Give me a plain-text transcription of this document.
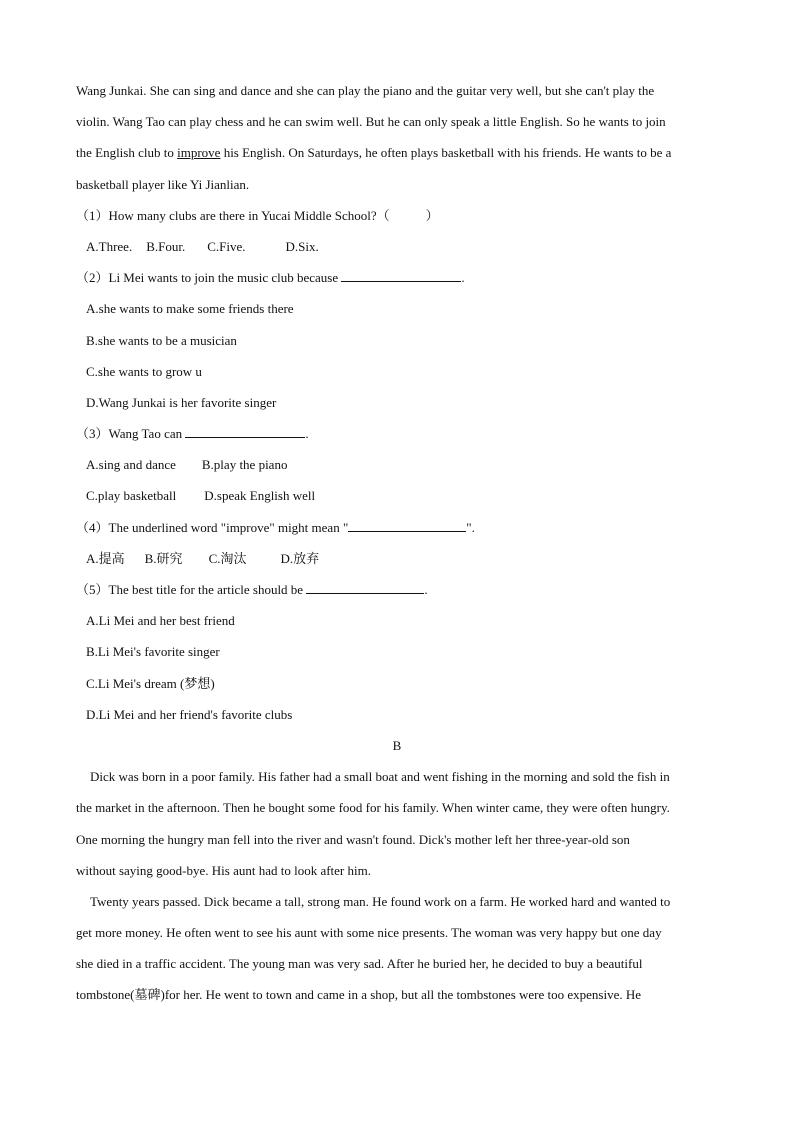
Wang Junkai. She can sing and dance and she can play the piano and the guitar very well, but she can't play the
violin. Wang Tao can play chess and he can swim well. But he can only speak a little English. So he wants to join
the English club to improve his English. On Saturdays, he often plays basketball with his friends. He wants to be a
basketball player like Yi Jianlian.
（1）How many clubs are there in Yucai Middle School?（	）
A.Three. B.Four. C.Five.	D.Six.
（2）Li Mei wants to join the music club because	.
A.she wants to make some friends there
B.she wants to be a musician
C.she wants to grow u
D.Wang Junkai is her favorite singer
（3）Wang Tao can	.
A.sing and dance B.play the piano
C.play basketball D.speak English well
（4）The underlined word "improve" might mean "	".
A.提高 B.研究 C.淘汰	D.放弃
（5）The best title for the article should be	.
A.Li Mei and her best friend
B.Li Mei's favorite singer
C.Li Mei's dream (梦想)
D.Li Mei and her friend's favorite clubs
B
Dick was born in a poor family. His father had a small boat and went fishing in the morning and sold the fish in
the market in the afternoon. Then he bought some food for his family. When winter came, they were often hungry.
One morning the hungry man fell into the river and wasn't found. Dick's mother left her three-year-old son
without saying good-bye. His aunt had to look after him.
Twenty years passed. Dick became a tall, strong man. He found work on a farm. He worked hard and wanted to
get more money. He often went to see his aunt with some nice presents. The woman was very happy but one day
she died in a traffic accident. The young man was very sad. After he buried her, he decided to buy a beautiful
tombstone(墓碑)for her. He went to town and came in a shop, but all the tombstones were too expensive. He
